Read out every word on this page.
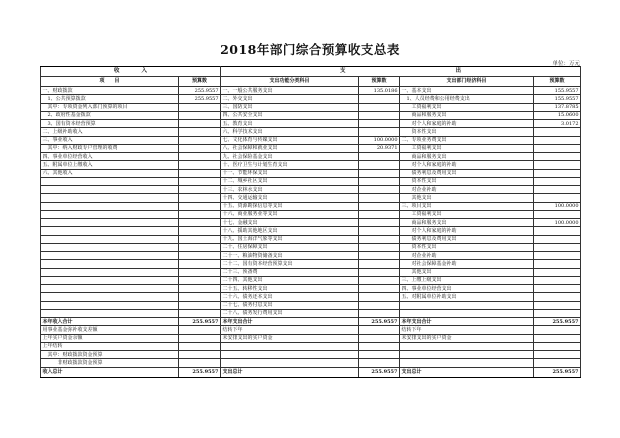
2018年部门综合预算收支总表
单位：万元
收　　　　入		支　　　　　　　　　　　　　　　　　　　　出			
项　　目	预算数	支出功能分类科目	预算数	支出部门经济科目	预算数
一、财政拨款	255.9557	一、一般公共服务支出	135.0186	一、基本支出	155.9557
　1、公共预算拨款	255.9557	二、外交支出		　1、人员经费和公用经费支出	155.9557
　其中：专项资金列入部门预算的项目		三、国防支出		　　工资福利支出	137.8785
　2、政府性基金拨款		四、公共安全支出		　　商品和服务支出	15.0600
　3、国有资本经营预算		五、教育支出		　　对个人和家庭的补助	3.0172
二、上级补助收入		六、科学技术支出		　　资本性支出	
三、事业收入		七、文化体育与传媒支出	100.0000	二、专项业务费支出	
　其中：纳入财政专户管理的收费		八、社会保障和就业支出	20.9371	　　工资福利支出	
四、事业单位经营收入		九、社会保险基金支出		　　商品和服务支出	
五、附属单位上缴收入		十、医疗卫生与计划生育支出		　　对个人和家庭的补助	
六、其他收入		十一、节能环保支出		　　债务利息及费用支出	
		十二、城乡社区支出		　　资本性支出	
		十三、农林水支出		　　对企业补助	
		十四、交通运输支出		　　其他支出	
		十五、资源勘探信息等支出		三、项目支出	100.0000
		十六、商业服务业等支出		　　工资福利支出	
		十七、金融支出		　　商品和服务支出	100.0000
		十八、援助其他地区支出		　　对个人和家庭的补助	
		十九、国土海洋气象等支出		　　债务利息及费用支出	
		二十、住房保障支出		　　资本性支出	
		二十一、粮油物资储备支出		　　对企业补助	
		二十二、国有资本经营预算支出		　　对社会保障基金补助	
		二十三、预备费		　　其他支出	
		二十四、其他支出		三、上缴上级支出	
		二十五、转移性支出		四、事业单位经营支出	
		二十六、债务还本支出		五、对附属单位补助支出	
		二十七、债务付息支出			
		二十八、债务发行费用支出			
本年收入合计	255.9557	本年支出合计	255.9557	本年支出合计	255.9557
用事业基金弥补收支差额		结转下年		结转下年	
上年实户资金余额		未安排支出的实户资金		未安排支出的实户资金	
上年结转					
　其中：财政拨款资金预算					
　　　非财政拨款资金预算					
收入总计	255.9557	支出总计	255.9557	支出总计	255.9557
